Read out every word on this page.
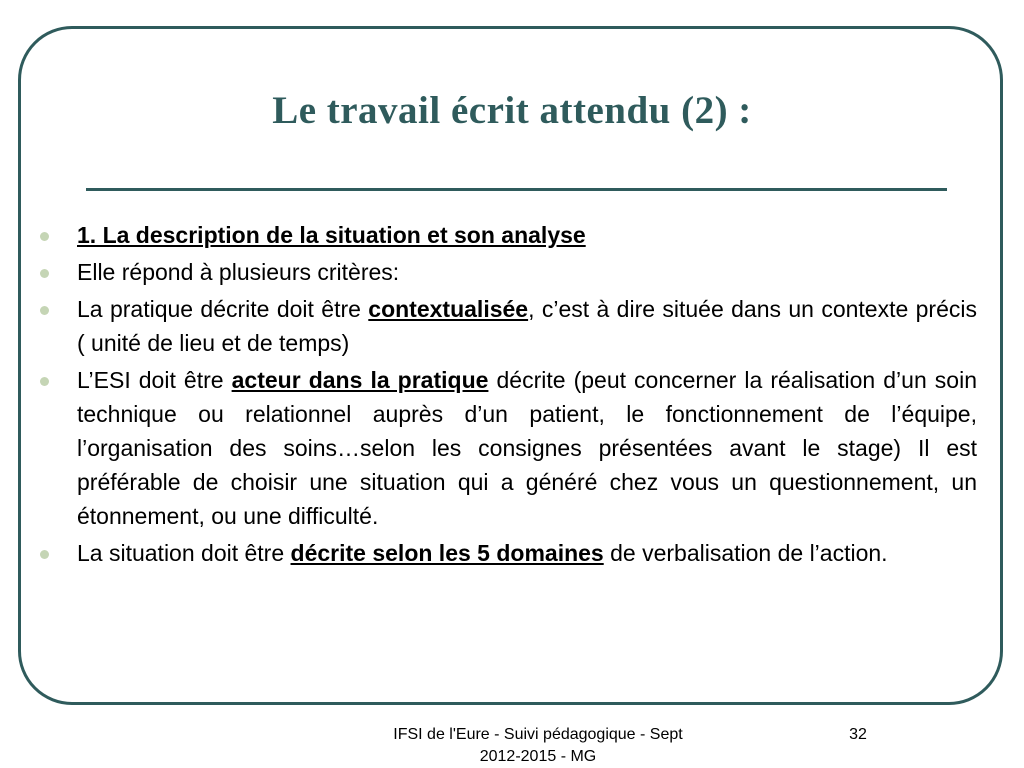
Le travail écrit attendu (2) :
1. La description de la situation et son analyse
Elle répond à plusieurs critères:
La pratique décrite doit être contextualisée, c’est à dire située dans un contexte précis ( unité de lieu et de temps)
L’ESI doit être acteur dans la pratique décrite (peut concerner la réalisation d’un soin technique ou relationnel auprès d’un patient, le fonctionnement de l’équipe, l’organisation des soins…selon les consignes présentées avant le stage) Il est préférable de choisir une situation qui a généré chez vous un questionnement, un étonnement, ou une difficulté.
La situation doit être décrite selon les 5 domaines de verbalisation de l’action.
IFSI de l'Eure - Suivi pédagogique - Sept 2012-2015 - MG
32
